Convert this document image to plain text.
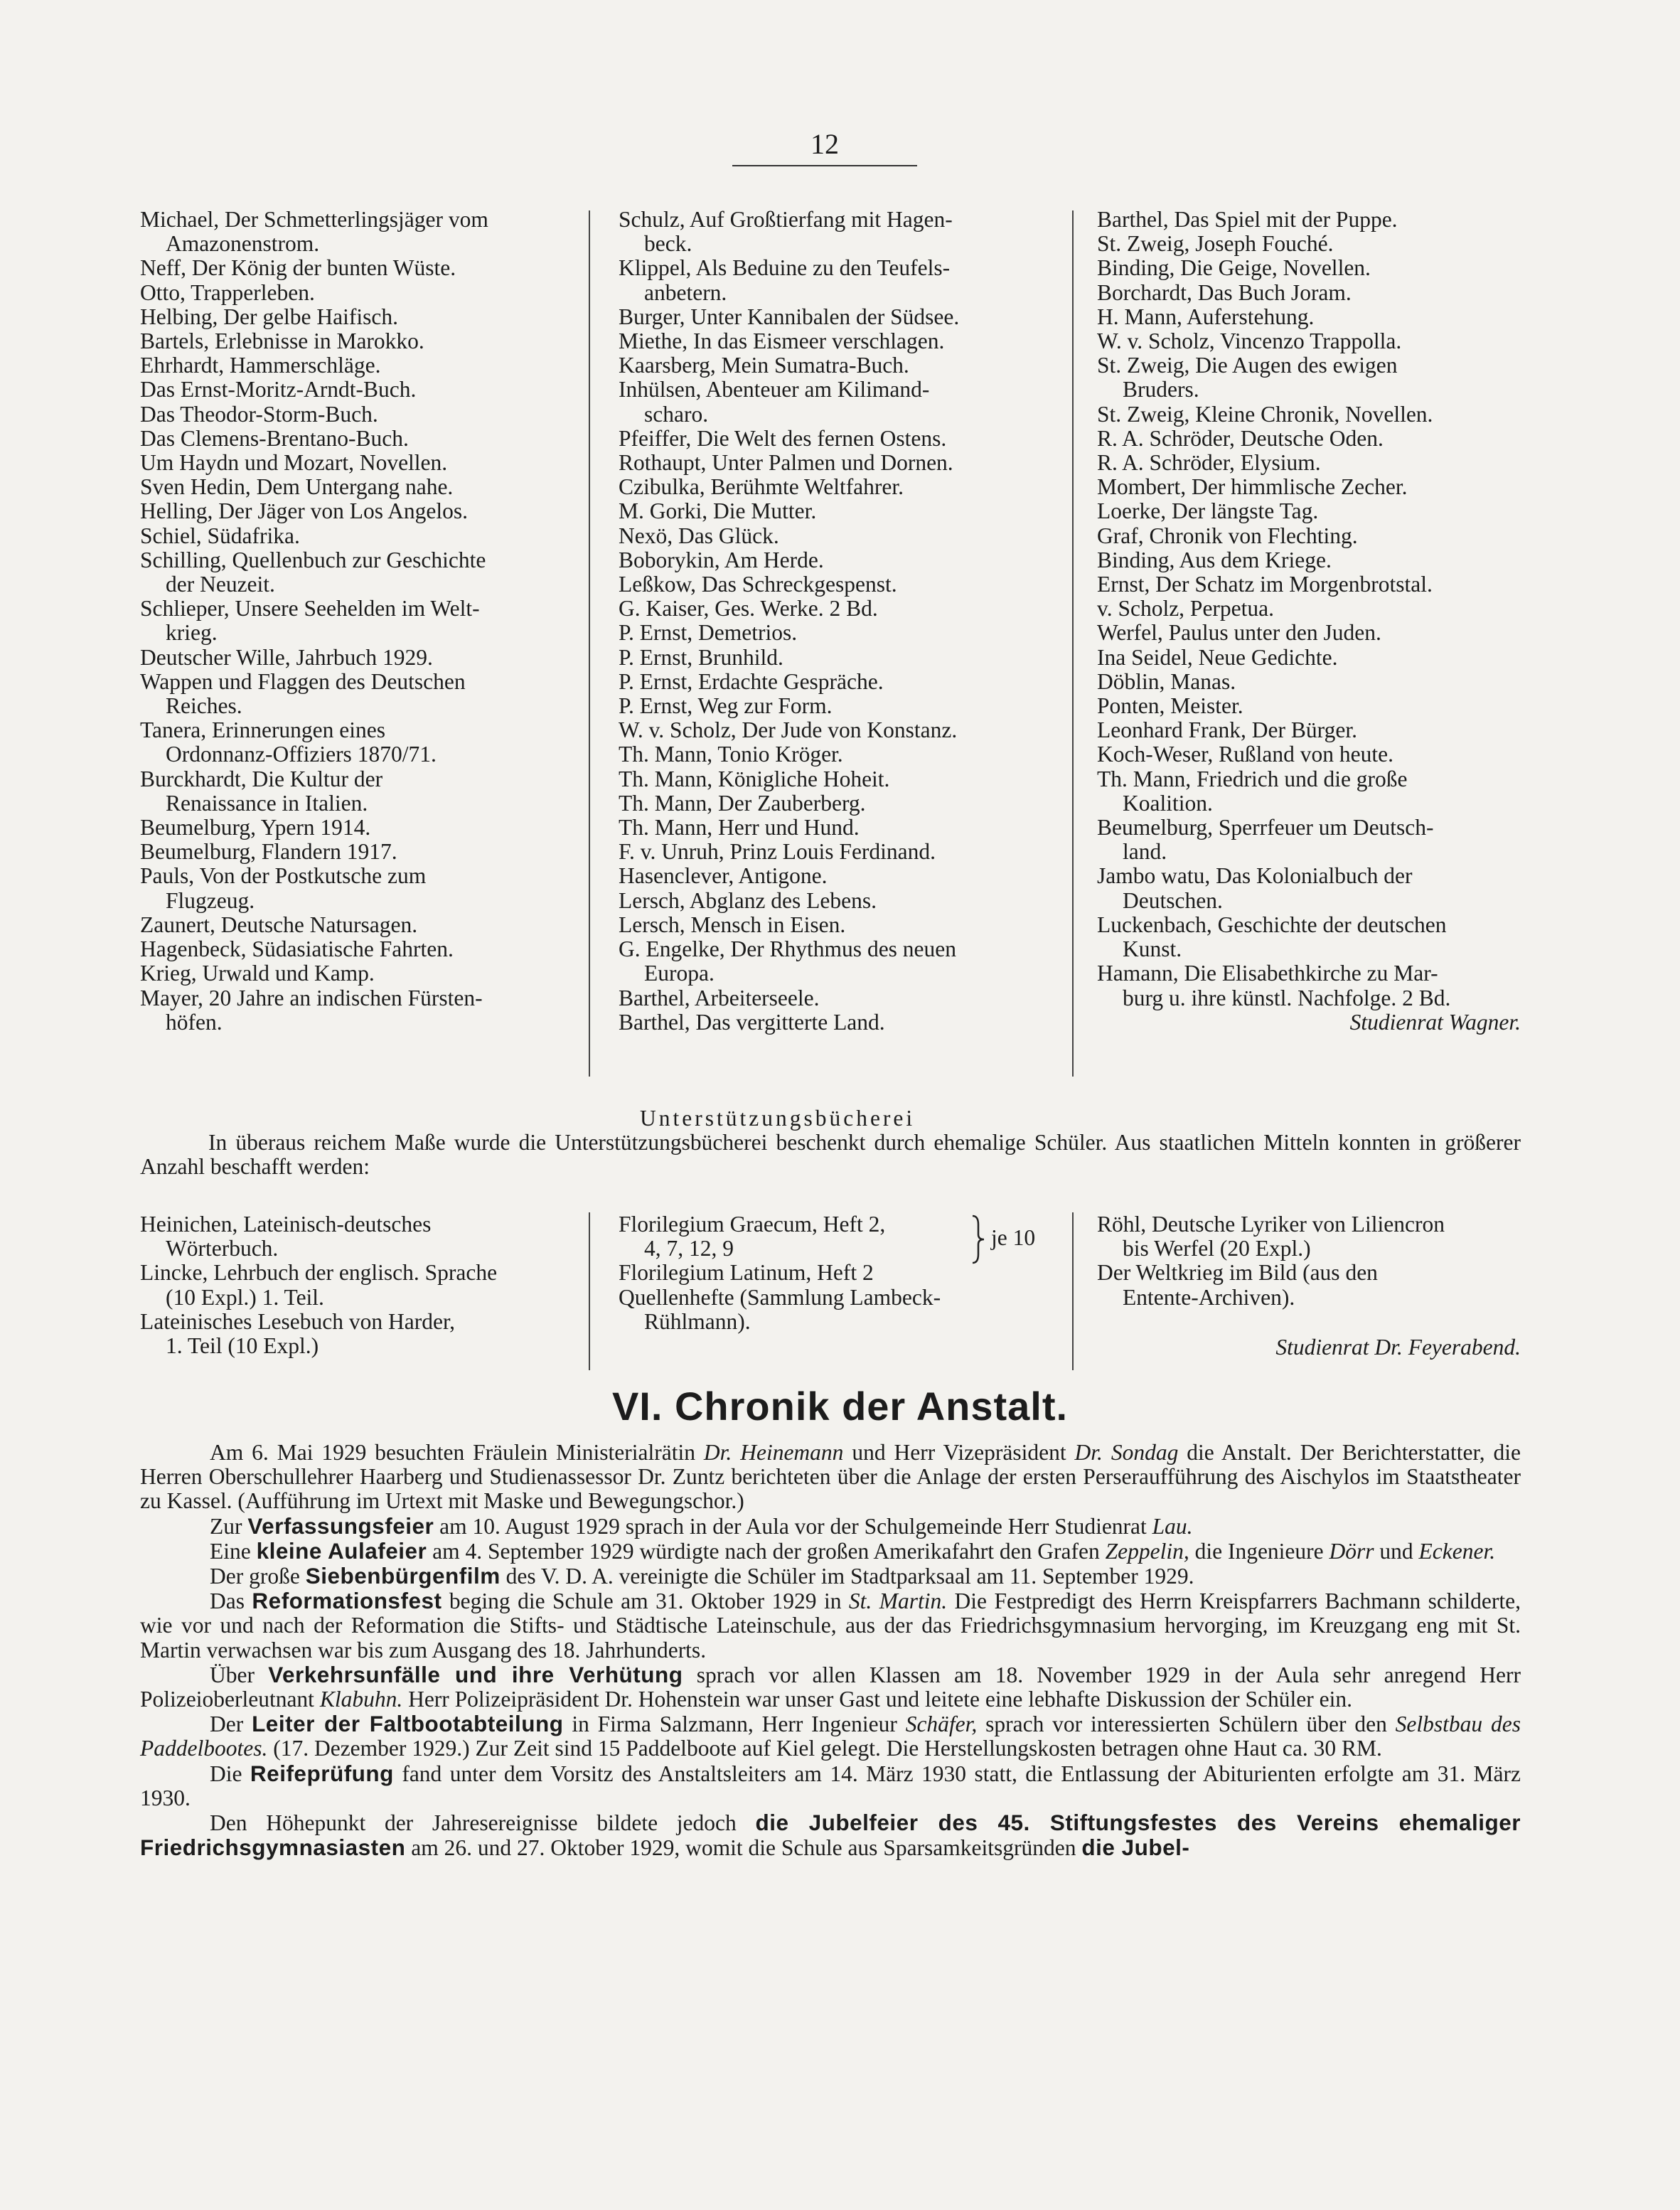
12
Michael, Der Schmetterlingsjäger vom
Amazonenstrom.
Neff, Der König der bunten Wüste.
Otto, Trapperleben.
Helbing, Der gelbe Haifisch.
Bartels, Erlebnisse in Marokko.
Ehrhardt, Hammerschläge.
Das Ernst-Moritz-Arndt-Buch.
Das Theodor-Storm-Buch.
Das Clemens-Brentano-Buch.
Um Haydn und Mozart, Novellen.
Sven Hedin, Dem Untergang nahe.
Helling, Der Jäger von Los Angelos.
Schiel, Südafrika.
Schilling, Quellenbuch zur Geschichte
der Neuzeit.
Schlieper, Unsere Seehelden im Welt-
krieg.
Deutscher Wille, Jahrbuch 1929.
Wappen und Flaggen des Deutschen
Reiches.
Tanera, Erinnerungen eines
Ordonnanz-Offiziers 1870/71.
Burckhardt, Die Kultur der
Renaissance in Italien.
Beumelburg, Ypern 1914.
Beumelburg, Flandern 1917.
Pauls, Von der Postkutsche zum
Flugzeug.
Zaunert, Deutsche Natursagen.
Hagenbeck, Südasiatische Fahrten.
Krieg, Urwald und Kamp.
Mayer, 20 Jahre an indischen Fürsten-
höfen.
Schulz, Auf Großtierfang mit Hagen-
beck.
Klippel, Als Beduine zu den Teufels-
anbetern.
Burger, Unter Kannibalen der Südsee.
Miethe, In das Eismeer verschlagen.
Kaarsberg, Mein Sumatra-Buch.
Inhülsen, Abenteuer am Kilimand-
scharo.
Pfeiffer, Die Welt des fernen Ostens.
Rothaupt, Unter Palmen und Dornen.
Czibulka, Berühmte Weltfahrer.
M. Gorki, Die Mutter.
Nexö, Das Glück.
Boborykin, Am Herde.
Leßkow, Das Schreckgespenst.
G. Kaiser, Ges. Werke. 2 Bd.
P. Ernst, Demetrios.
P. Ernst, Brunhild.
P. Ernst, Erdachte Gespräche.
P. Ernst, Weg zur Form.
W. v. Scholz, Der Jude von Konstanz.
Th. Mann, Tonio Kröger.
Th. Mann, Königliche Hoheit.
Th. Mann, Der Zauberberg.
Th. Mann, Herr und Hund.
F. v. Unruh, Prinz Louis Ferdinand.
Hasenclever, Antigone.
Lersch, Abglanz des Lebens.
Lersch, Mensch in Eisen.
G. Engelke, Der Rhythmus des neuen
Europa.
Barthel, Arbeiterseele.
Barthel, Das vergitterte Land.
Barthel, Das Spiel mit der Puppe.
St. Zweig, Joseph Fouché.
Binding, Die Geige, Novellen.
Borchardt, Das Buch Joram.
H. Mann, Auferstehung.
W. v. Scholz, Vincenzo Trappolla.
St. Zweig, Die Augen des ewigen
Bruders.
St. Zweig, Kleine Chronik, Novellen.
R. A. Schröder, Deutsche Oden.
R. A. Schröder, Elysium.
Mombert, Der himmlische Zecher.
Loerke, Der längste Tag.
Graf, Chronik von Flechting.
Binding, Aus dem Kriege.
Ernst, Der Schatz im Morgenbrotstal.
v. Scholz, Perpetua.
Werfel, Paulus unter den Juden.
Ina Seidel, Neue Gedichte.
Döblin, Manas.
Ponten, Meister.
Leonhard Frank, Der Bürger.
Koch-Weser, Rußland von heute.
Th. Mann, Friedrich und die große
Koalition.
Beumelburg, Sperrfeuer um Deutsch-
land.
Jambo watu, Das Kolonialbuch der
Deutschen.
Luckenbach, Geschichte der deutschen
Kunst.
Hamann, Die Elisabethkirche zu Mar-
burg u. ihre künstl. Nachfolge. 2 Bd.
Studienrat Wagner.
Unterstützungsbücherei
In überaus reichem Maße wurde die Unterstützungsbücherei beschenkt durch ehemalige Schüler. Aus staatlichen Mitteln konnten in größerer Anzahl beschafft werden:
Heinichen, Lateinisch-deutsches
Wörterbuch.
Lincke, Lehrbuch der englisch. Sprache
(10 Expl.) 1. Teil.
Lateinisches Lesebuch von Harder,
1. Teil (10 Expl.)
Florilegium Graecum, Heft 2,
4, 7, 12, 9
Florilegium Latinum, Heft 2
Quellenhefte (Sammlung Lambeck-
Rühlmann).
je 10
Röhl, Deutsche Lyriker von Liliencron
bis Werfel (20 Expl.)
Der Weltkrieg im Bild (aus den
Entente-Archiven).
Studienrat Dr. Feyerabend.
VI. Chronik der Anstalt.

Am 6. Mai 1929 besuchten Fräulein Ministerialrätin Dr. Heinemann und Herr Vizepräsident Dr. Sondag die Anstalt. Der Berichterstatter, die Herren Oberschullehrer Haarberg und Studienassessor Dr. Zuntz berichteten über die Anlage der ersten Perseraufführung des Aischylos im Staatstheater zu Kassel. (Aufführung im Urtext mit Maske und Bewegungschor.)

Zur Verfassungsfeier am 10. August 1929 sprach in der Aula vor der Schulgemeinde Herr Studienrat Lau.

Eine kleine Aulafeier am 4. September 1929 würdigte nach der großen Amerikafahrt den Grafen Zeppelin, die Ingenieure Dörr und Eckener.

Der große Siebenbürgenfilm des V. D. A. vereinigte die Schüler im Stadtparksaal am 11. September 1929.

Das Reformationsfest beging die Schule am 31. Oktober 1929 in St. Martin. Die Festpredigt des Herrn Kreispfarrers Bachmann schilderte, wie vor und nach der Reformation die Stifts- und Städtische Lateinschule, aus der das Friedrichsgymnasium hervorging, im Kreuzgang eng mit St. Martin verwachsen war bis zum Ausgang des 18. Jahrhunderts.

Über Verkehrsunfälle und ihre Verhütung sprach vor allen Klassen am 18. November 1929 in der Aula sehr anregend Herr Polizeioberleutnant Klabuhn. Herr Polizeipräsident Dr. Hohenstein war unser Gast und leitete eine lebhafte Diskussion der Schüler ein.

Der Leiter der Faltbootabteilung in Firma Salzmann, Herr Ingenieur Schäfer, sprach vor interessierten Schülern über den Selbstbau des Paddelbootes. (17. Dezember 1929.) Zur Zeit sind 15 Paddelboote auf Kiel gelegt. Die Herstellungskosten betragen ohne Haut ca. 30 RM.

Die Reifeprüfung fand unter dem Vorsitz des Anstaltsleiters am 14. März 1930 statt, die Entlassung der Abiturienten erfolgte am 31. März 1930.

Den Höhepunkt der Jahresereignisse bildete jedoch die Jubelfeier des 45. Stiftungsfestes des Vereins ehemaliger Friedrichsgymnasiasten am 26. und 27. Oktober 1929, womit die Schule aus Sparsamkeitsgründen die Jubel-
